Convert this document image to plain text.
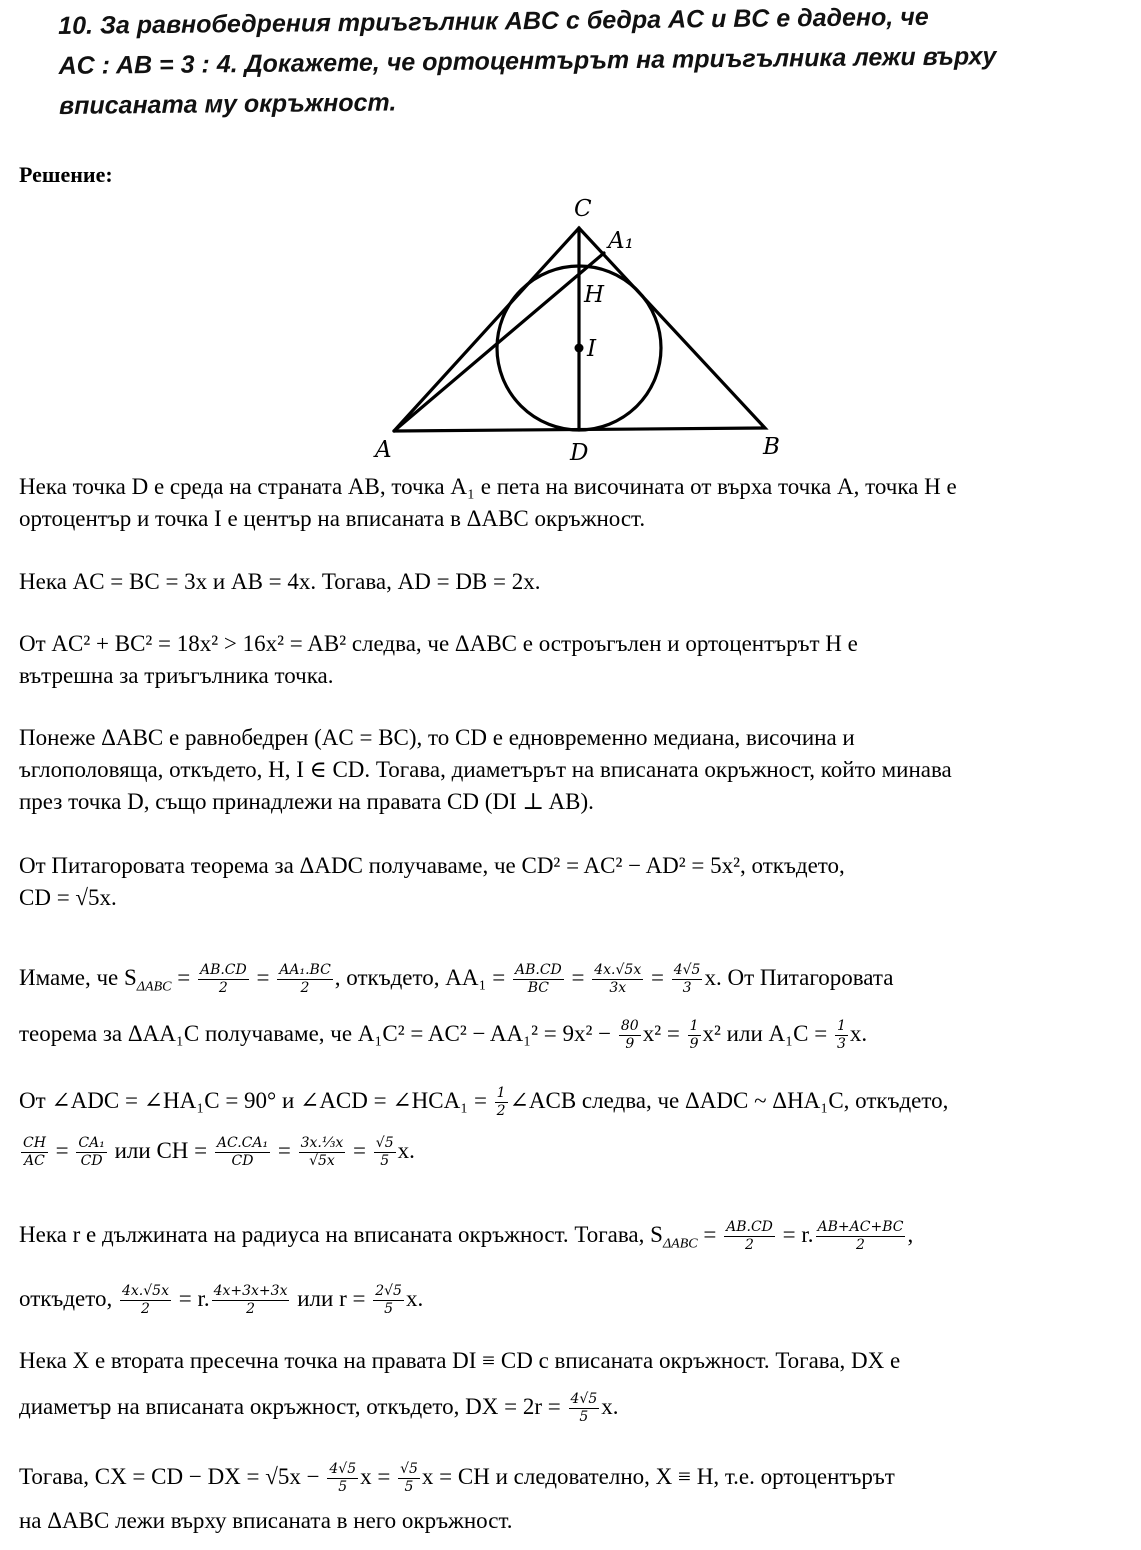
10. За равнобедрения триъгълник ABC с бедра AC и BC е дадено, че
AC : AB = 3 : 4. Докажете, че ортоцентърът на триъгълника лежи върху
вписаната му окръжност.
Решение:
C
A₁
H
I
A	D	B
Нека точка D е среда на страната AB, точка A₁ е пета на височината от върха точка A, точка H е
ортоцентър и точка I е център на вписаната в ΔABC окръжност.
Нека AC = BC = 3x и AB = 4x. Тогава, AD = DB = 2x.
От AC² + BC² = 18x² > 16x² = AB² следва, че ΔABC е остроъгълен и ортоцентърът H е
вътрешна за триъгълника точка.
Понеже ΔABC е равнобедрен (AC = BC), то CD е едновременно медиана, височина и
ъглополовяща, откъдето, H, I ∈ CD. Тогава, диаметърът на вписаната окръжност, който минава
през точка D, също принадлежи на правата CD (DI ⊥ AB).
От Питагоровата теорема за ΔADC получаваме, че CD² = AC² − AD² = 5x², откъдето,
CD = √5x.
Имаме, че $S_{\Delta ABC} = \frac{AB.CD}{2} = \frac{\text{AA₁.BC}}{2}$ , откъдето, $AA_1 = \frac{AB.CD}{BC} = \frac{4x.√5x}{3x} = \frac{4√5}{3} x$. От Питагоровата
теорема за ΔAA₁C получаваме, че $A_1C^2 = AC^2 - AA_1^2 = 9x^2 - \frac{80}{9} x^2 = \frac{1}{9} x^2$ или $A_1C = \frac{1}{3} x$.
От ∠ADC = ∠HA₁C = 90° и ∠ACD = ∠HCA₁ = $\frac{1}{2}$ ∠ACB следва, че ΔADC ~ ΔHA₁C, откъдето,
$\frac{CH}{AC} = \frac{\text{CA₁}}{CD}$ или CH = $\frac{\text{AC.CA₁}}{CD} = \frac{\text{3x.⅓x}}{√5x} = \frac{√5}{5} x$.
Нека r е дължината на радиуса на вписаната окръжност. Тогава, $S_{\Delta ABC} = \frac{AB.CD}{2} = r$. $\frac{AB+AC+BC}{2}$ ,
откъдето, $\frac{4x.√5x}{2} = r$. $\frac{4x+3x+3x}{2}$ или $r = \frac{2√5}{5} x$.
Нека X е втората пресечна точка на правата DI ≡ CD с вписаната окръжност. Тогава, DX е
диаметър на вписаната окръжност, откъдето, DX = $2r = \frac{4√5}{5} x$.
Тогава, CX = CD − DX = $√5x - \frac{4√5}{5}$ $x = \frac{√5}{5}$ x = CH и следователно, X ≡ H, т.е. ортоцентърът
на ΔABC лежи върху вписаната в него окръжност.
